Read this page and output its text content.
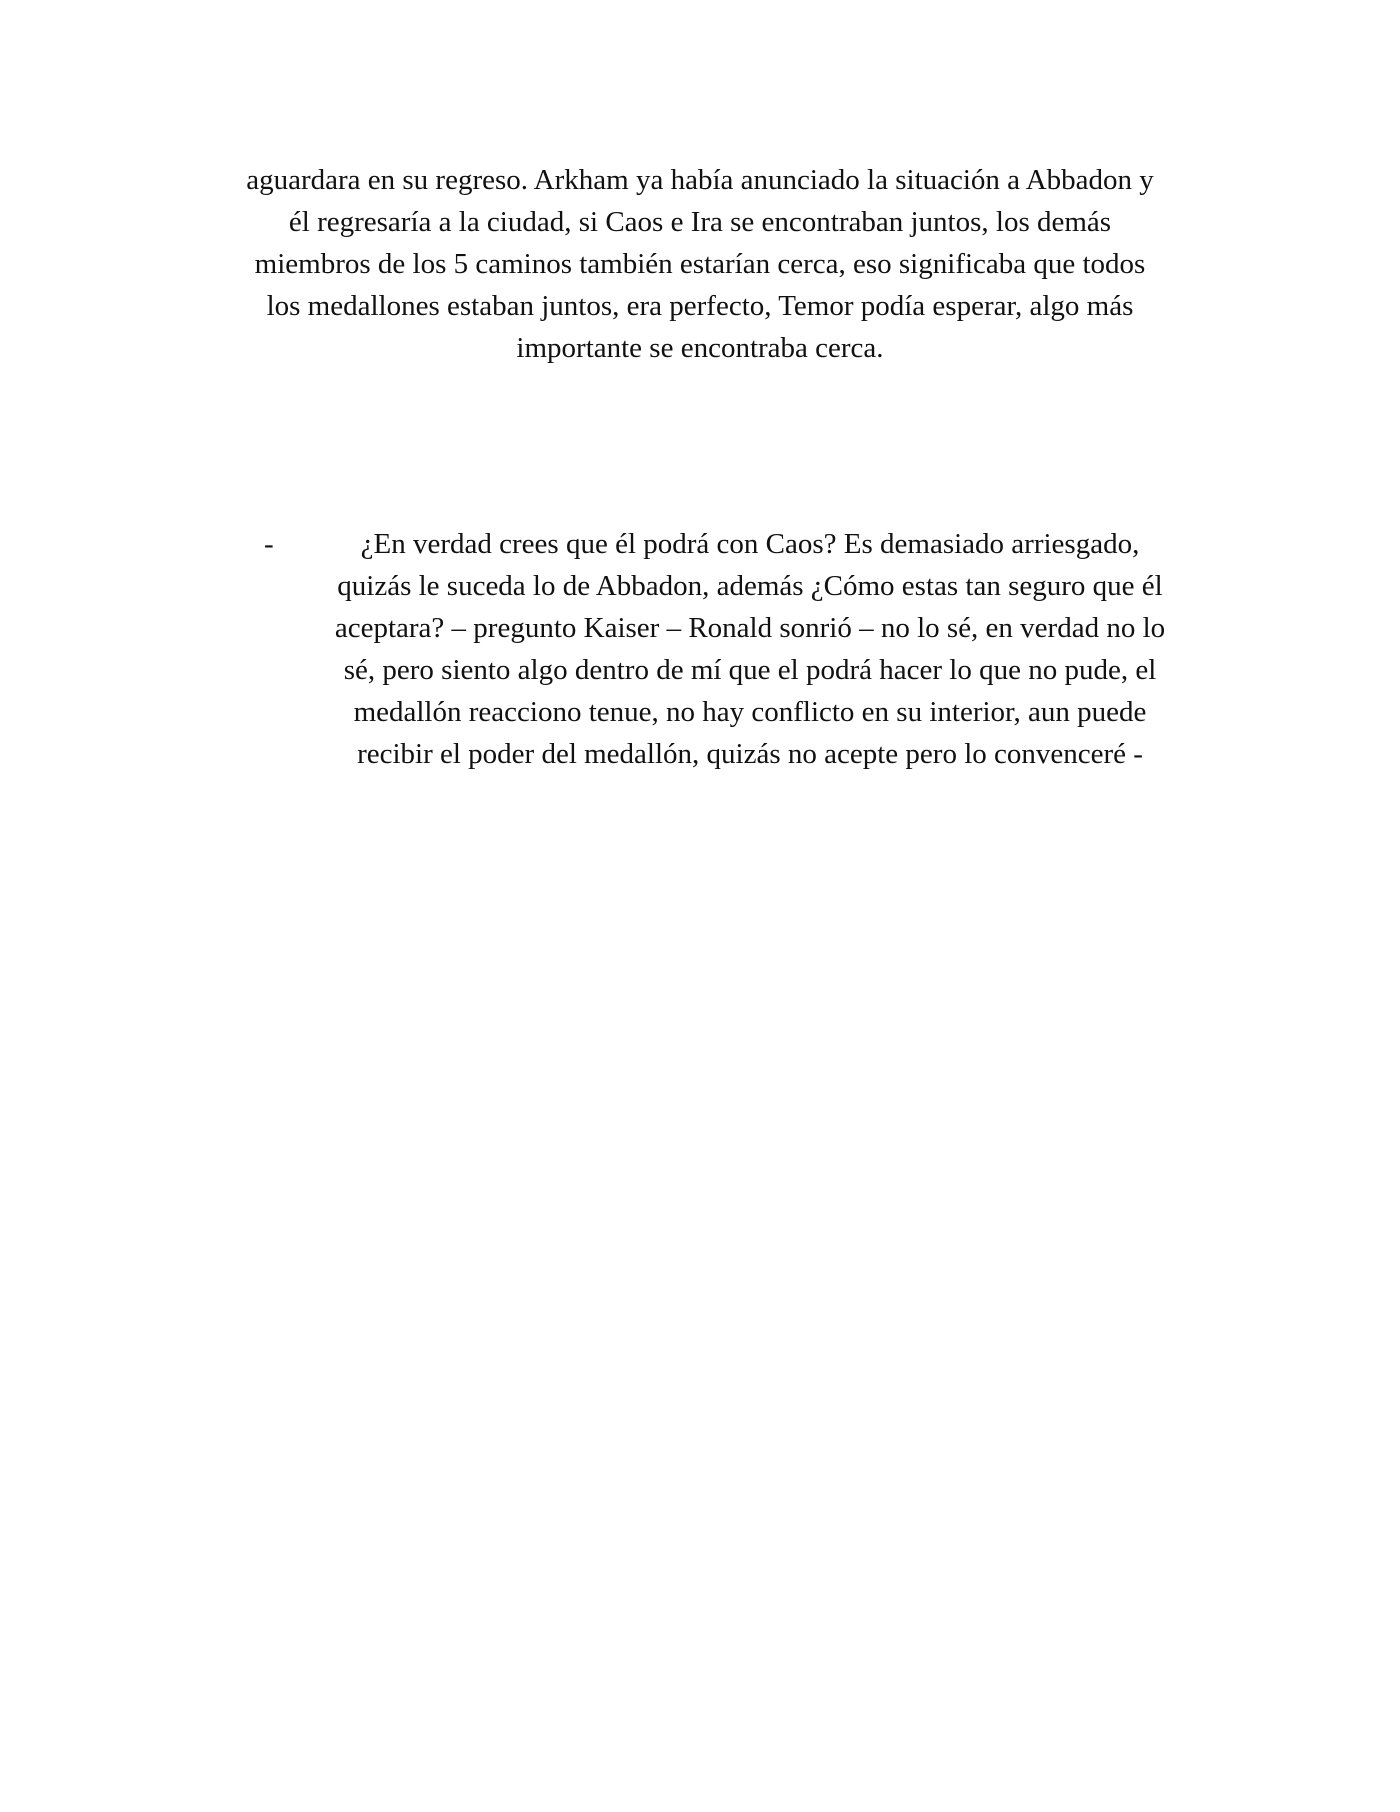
aguardara en su regreso. Arkham ya había anunciado la situación a Abbadon y
él regresaría a la ciudad, si Caos e Ira se encontraban juntos, los demás
miembros de los 5 caminos también estarían cerca, eso significaba que todos
los medallones estaban juntos, era perfecto, Temor podía esperar, algo más
importante se encontraba cerca.

-	¿En verdad crees que él podrá con Caos? Es demasiado arriesgado,
quizás le suceda lo de Abbadon, además ¿Cómo estas tan seguro que él
aceptara? – pregunto Kaiser – Ronald sonrió – no lo sé, en verdad no lo
sé, pero siento algo dentro de mí que el podrá hacer lo que no pude, el
medallón reacciono tenue, no hay conflicto en su interior, aun puede
recibir el poder del medallón, quizás no acepte pero lo convenceré -
